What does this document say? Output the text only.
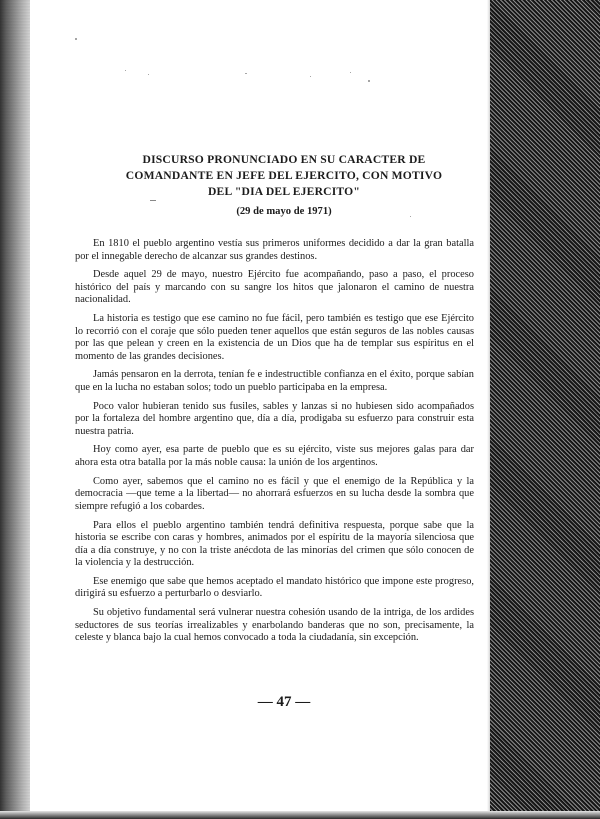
DISCURSO PRONUNCIADO EN SU CARACTER DE
COMANDANTE EN JEFE DEL EJERCITO, CON MOTIVO
DEL "DIA DEL EJERCITO"
(29 de mayo de 1971)

En 1810 el pueblo argentino vestía sus primeros uniformes decidido a dar la gran batalla por el innegable derecho de alcanzar sus grandes destinos.

Desde aquel 29 de mayo, nuestro Ejército fue acompañando, paso a paso, el proceso histórico del país y marcando con su sangre los hitos que jalonaron el camino de nuestra nacionalidad.

La historia es testigo que ese camino no fue fácil, pero también es testigo que ese Ejército lo recorrió con el coraje que sólo pueden tener aquellos que están seguros de las nobles causas por las que pelean y creen en la existencia de un Dios que ha de templar sus espíritus en el momento de las grandes decisiones.

Jamás pensaron en la derrota, tenían fe e indestructible confianza en el éxito, porque sabían que en la lucha no estaban solos; todo un pueblo participaba en la empresa.

Poco valor hubieran tenido sus fusiles, sables y lanzas si no hubiesen sido acompañados por la fortaleza del hombre argentino que, día a día, prodigaba su esfuerzo para construir esta nuestra patria.

Hoy como ayer, esa parte de pueblo que es su ejército, viste sus mejores galas para dar ahora esta otra batalla por la más noble causa: la unión de los argentinos.

Como ayer, sabemos que el camino no es fácil y que el enemigo de la República y la democracia —que teme a la libertad— no ahorrará esfuerzos en su lucha desde la sombra que siempre refugió a los cobardes.

Para ellos el pueblo argentino también tendrá definitiva respuesta, porque sabe que la historia se escribe con caras y hombres, animados por el espíritu de la mayoría silenciosa que día a día construye, y no con la triste anécdota de las minorías del crimen que sólo conocen de la violencia y la destrucción.

Ese enemigo que sabe que hemos aceptado el mandato histórico que impone este progreso, dirigirá su esfuerzo a perturbarlo o desviarlo.

Su objetivo fundamental será vulnerar nuestra cohesión usando de la intriga, de los ardides seductores de sus teorías irrealizables y enarbolando banderas que no son, precisamente, la celeste y blanca bajo la cual hemos convocado a toda la ciudadanía, sin excepción.

— 47 —
